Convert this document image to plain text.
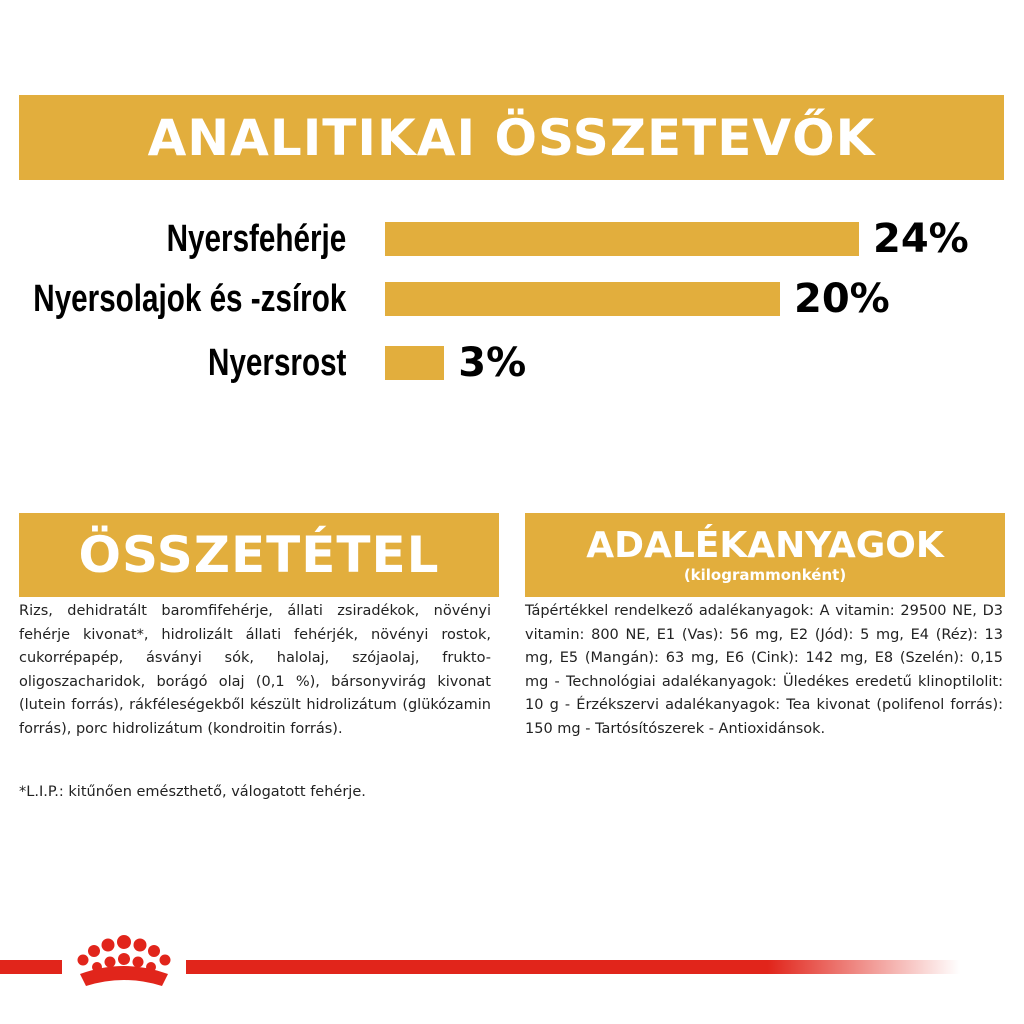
ANALITIKAI ÖSSZETEVŐK
Nyersfehérje	24%
Nyersolajok és -zsírok	20%
Nyersrost	3%
ÖSSZETÉTEL

Rizs, dehidratált baromfifehérje, állati zsiradékok, növényi fehérje kivonat*, hidrolizált állati fehérjék, növényi rostok, cukorrépapép, ásványi sók, halolaj, szójaolaj, frukto-oligoszacharidok, borágó olaj (0,1 %), bársonyvirág kivonat (lutein forrás), rákféleségekből készült hidrolizátum (glükózamin forrás), porc hidrolizátum (kondroitin forrás).

*L.I.P.: kitűnően emészthető, válogatott fehérje.

ADALÉKANYAGOK
(kilogrammonként)

Tápértékkel rendelkező adalékanyagok: A vitamin: 29500 NE, D3 vitamin: 800 NE, E1 (Vas): 56 mg, E2 (Jód): 5 mg, E4 (Réz): 13 mg, E5 (Mangán): 63 mg, E6 (Cink): 142 mg, E8 (Szelén): 0,15 mg - Technológiai adalékanyagok: Üledékes eredetű klinoptilolit: 10 g - Érzékszervi adalékanyagok: Tea kivonat (polifenol forrás): 150 mg - Tartósítószerek - Antioxidánsok.
